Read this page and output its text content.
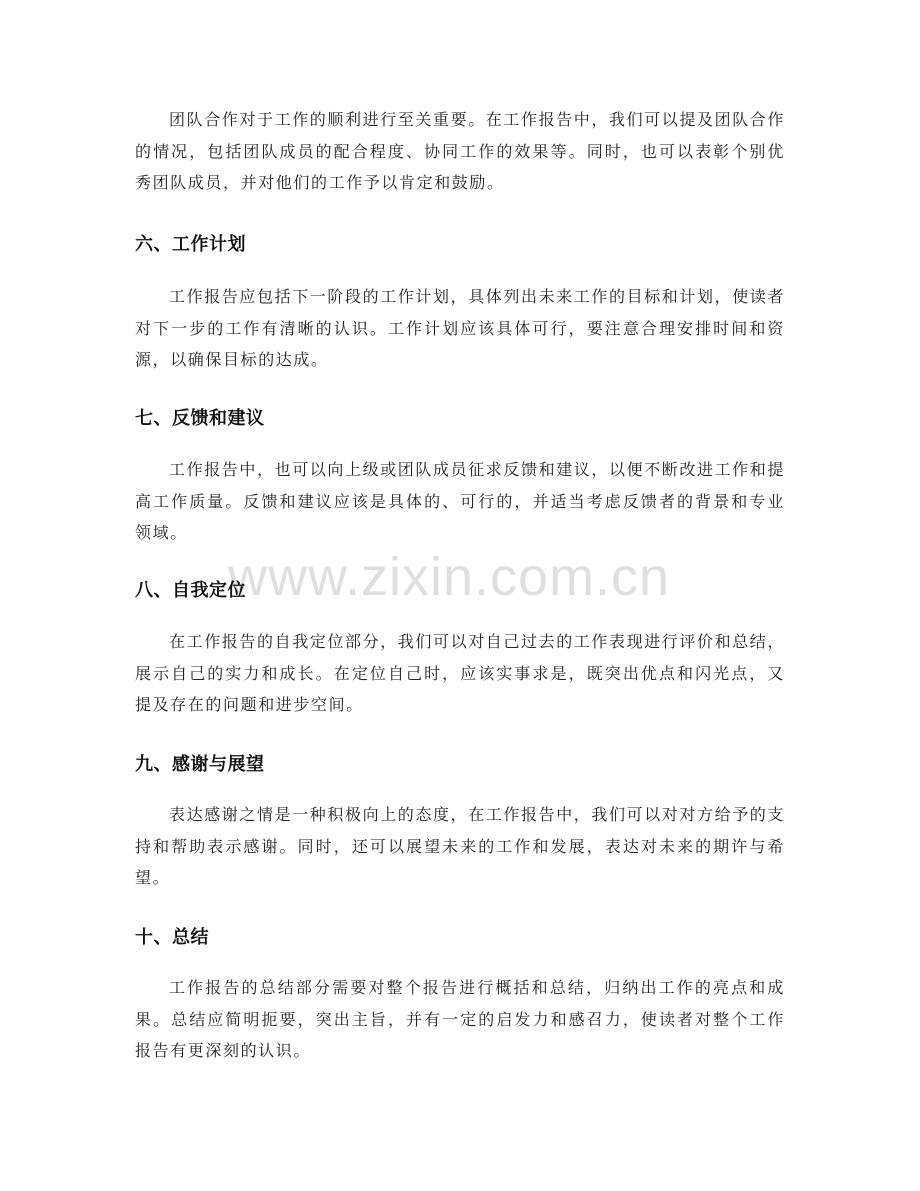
团队合作对于工作的顺利进行至关重要。在工作报告中，我们可以提及团队合作的情况，包括团队成员的配合程度、协同工作的效果等。同时，也可以表彰个别优秀团队成员，并对他们的工作予以肯定和鼓励。

六、工作计划

工作报告应包括下一阶段的工作计划，具体列出未来工作的目标和计划，使读者对下一步的工作有清晰的认识。工作计划应该具体可行，要注意合理安排时间和资源，以确保目标的达成。

七、反馈和建议

工作报告中，也可以向上级或团队成员征求反馈和建议，以便不断改进工作和提高工作质量。反馈和建议应该是具体的、可行的，并适当考虑反馈者的背景和专业领域。

八、自我定位

在工作报告的自我定位部分，我们可以对自己过去的工作表现进行评价和总结，展示自己的实力和成长。在定位自己时，应该实事求是，既突出优点和闪光点，又提及存在的问题和进步空间。

九、感谢与展望

表达感谢之情是一种积极向上的态度，在工作报告中，我们可以对对方给予的支持和帮助表示感谢。同时，还可以展望未来的工作和发展，表达对未来的期许与希望。

十、总结

工作报告的总结部分需要对整个报告进行概括和总结，归纳出工作的亮点和成果。总结应简明扼要，突出主旨，并有一定的启发力和感召力，使读者对整个工作报告有更深刻的认识。

www.zixin.com.cn
